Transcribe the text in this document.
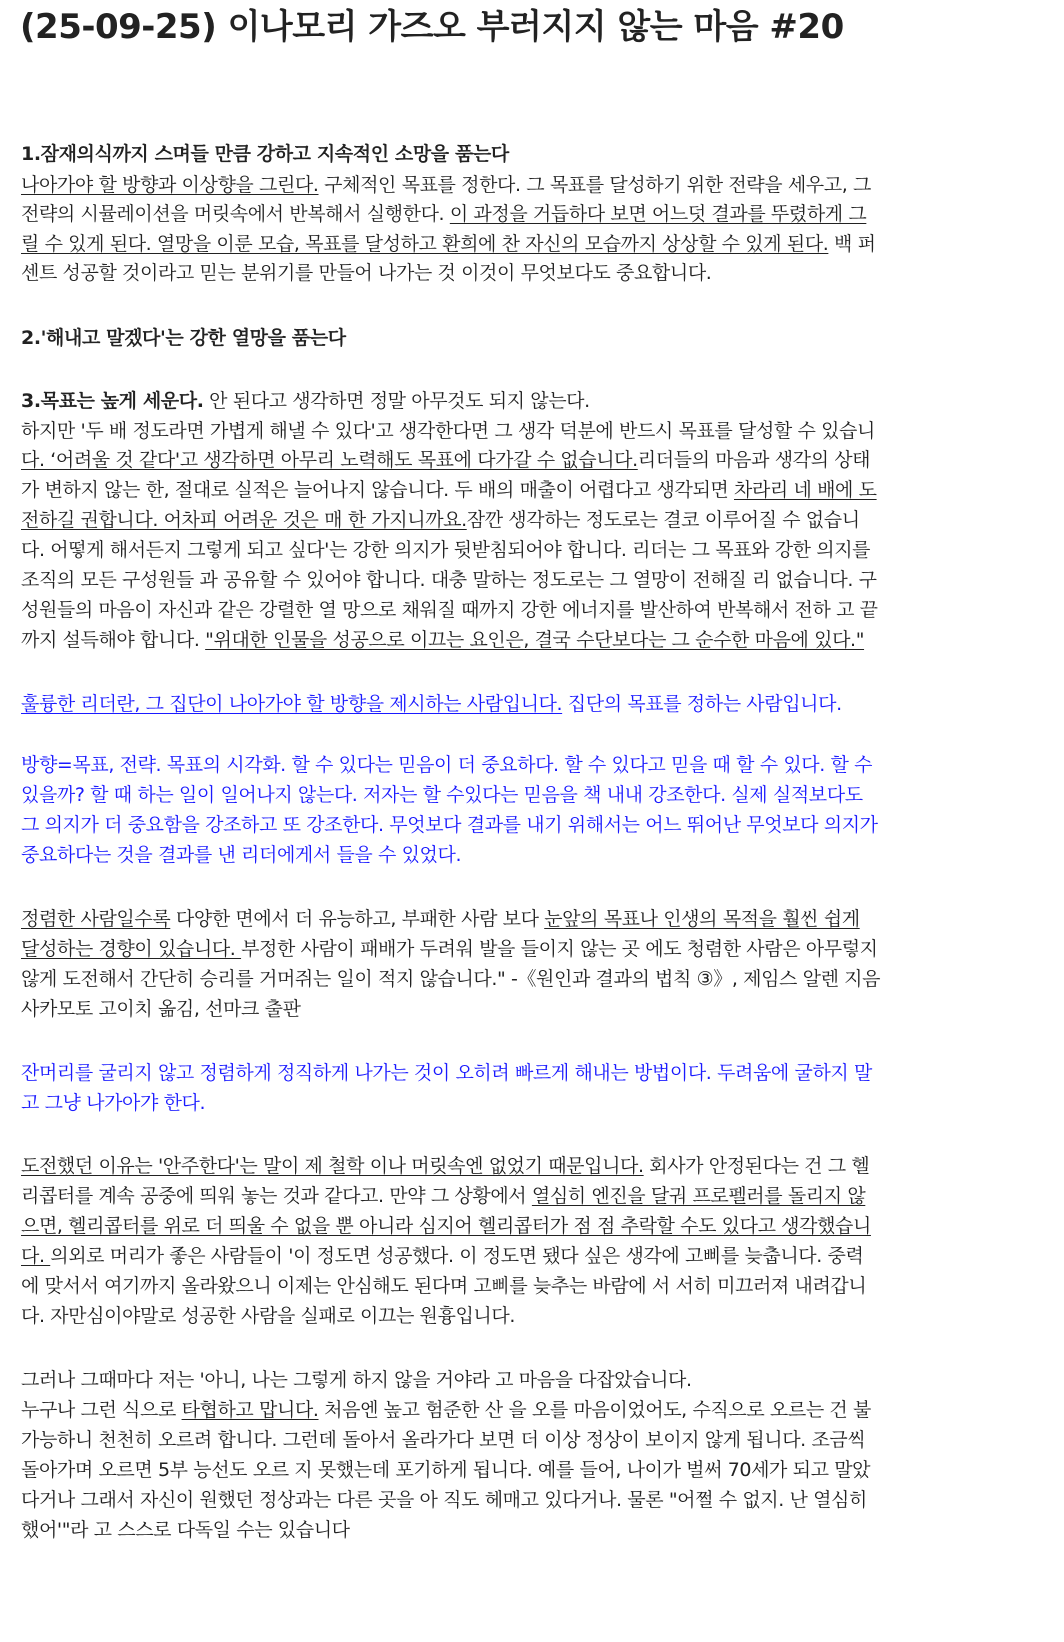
(25-09-25) 이나모리 가즈오 부러지지 않는 마음 #20

1.잠재의식까지 스며들 만큼 강하고 지속적인 소망을 품는다

나아가야 할 방향과 이상향을 그린다. 구체적인 목표를 정한다. 그 목표를 달성하기 위한 전략을 세우고, 그

전략의 시뮬레이션을 머릿속에서 반복해서 실행한다. 이 과정을 거듭하다 보면 어느덧 결과를 뚜렸하게 그

릴 수 있게 된다. 열망을 이룬 모습, 목표를 달성하고 환희에 찬 자신의 모습까지 상상할 수 있게 된다. 백 퍼

센트 성공할 것이라고 믿는 분위기를 만들어 나가는 것 이것이 무엇보다도 중요합니다.

2.'해내고 말겠다'는 강한 열망을 품는다

3.목표는 높게 세운다. 안 된다고 생각하면 정말 아무것도 되지 않는다.

하지만 '두 배 정도라면 가볍게 해낼 수 있다'고 생각한다면 그 생각 덕분에 반드시 목표를 달성할 수 있습니

다. ‘어려울 것 같다'고 생각하면 아무리 노력해도 목표에 다가갈 수 없습니다.리더들의 마음과 생각의 상태

가 변하지 않는 한, 절대로 실적은 늘어나지 않습니다. 두 배의 매출이 어렵다고 생각되면 차라리 네 배에 도

전하길 권합니다. 어차피 어려운 것은 매 한 가지니까요.잠깐 생각하는 정도로는 결코 이루어질 수 없습니

다. 어떻게 해서든지 그렇게 되고 싶다'는 강한 의지가 뒷받침되어야 합니다. 리더는 그 목표와 강한 의지를

조직의 모든 구성원들 과 공유할 수 있어야 합니다. 대충 말하는 정도로는 그 열망이 전해질 리 없습니다. 구

성원들의 마음이 자신과 같은 강렬한 열 망으로 채워질 때까지 강한 에너지를 발산하여 반복해서 전하 고 끝

까지 설득해야 합니다. "위대한 인물을 성공으로 이끄는 요인은, 결국 수단보다는 그 순수한 마음에 있다."

훌륭한 리더란, 그 집단이 나아가야 할 방향을 제시하는 사람입니다. 집단의 목표를 정하는 사람입니다.

방향=목표, 전략. 목표의 시각화. 할 수 있다는 믿음이 더 중요하다. 할 수 있다고 믿을 때 할 수 있다. 할 수

있을까? 할 때 하는 일이 일어나지 않는다. 저자는 할 수있다는 믿음을 책 내내 강조한다. 실제 실적보다도

그 의지가 더 중요함을 강조하고 또 강조한다. 무엇보다 결과를 내기 위해서는 어느 뛰어난 무엇보다 의지가

중요하다는 것을 결과를 낸 리더에게서 들을 수 있었다.

정렴한 사람일수록 다양한 면에서 더 유능하고, 부패한 사람 보다 눈앞의 목표나 인생의 목적을 훨씬 쉽게

달성하는 경향이 있습니다. 부정한 사람이 패배가 두려워 발을 들이지 않는 곳 에도 청렴한 사람은 아무렇지

않게 도전해서 간단히 승리를 거머쥐는 일이 적지 않습니다." -《원인과 결과의 법칙 ③》, 제임스 알렌 지음

사카모토 고이치 옮김, 선마크 출판

잔머리를 굴리지 않고 정렴하게 정직하게 나가는 것이 오히려 빠르게 해내는 방법이다. 두려움에 굴하지 말

고 그냥 나가아갸 한다.

도전했던 이유는 '안주한다'는 말이 제 철학 이나 머릿속엔 없었기 때문입니다. 회사가 안정된다는 건 그 헬

리콥터를 계속 공중에 띄워 놓는 것과 같다고. 만약 그 상황에서 열심히 엔진을 달궈 프로펠러를 돌리지 않

으면, 헬리콥터를 위로 더 띄울 수 없을 뿐 아니라 심지어 헬리콥터가 점 점 추락할 수도 있다고 생각했습니

다. 의외로 머리가 좋은 사람들이 '이 정도면 성공했다. 이 정도면 됐다 싶은 생각에 고삐를 늦춥니다. 중력

에 맞서서 여기까지 올라왔으니 이제는 안심해도 된다며 고삐를 늦추는 바람에 서 서히 미끄러져 내려갑니

다. 자만심이야말로 성공한 사람을 실패로 이끄는 원흉입니다.

그러나 그때마다 저는 '아니, 나는 그렇게 하지 않을 거야라 고 마음을 다잡았습니다.

누구나 그런 식으로 타협하고 맙니다. 처음엔 높고 험준한 산 을 오를 마음이었어도, 수직으로 오르는 건 불

가능하니 천천히 오르려 합니다. 그런데 돌아서 올라가다 보면 더 이상 정상이 보이지 않게 됩니다. 조금씩

돌아가며 오르면 5부 능선도 오르 지 못했는데 포기하게 됩니다. 예를 들어, 나이가 벌써 70세가 되고 말았

다거나 그래서 자신이 원했던 정상과는 다른 곳을 아 직도 헤매고 있다거나. 물론 "어쩔 수 없지. 난 열심히

했어'"라 고 스스로 다독일 수는 있습니다
